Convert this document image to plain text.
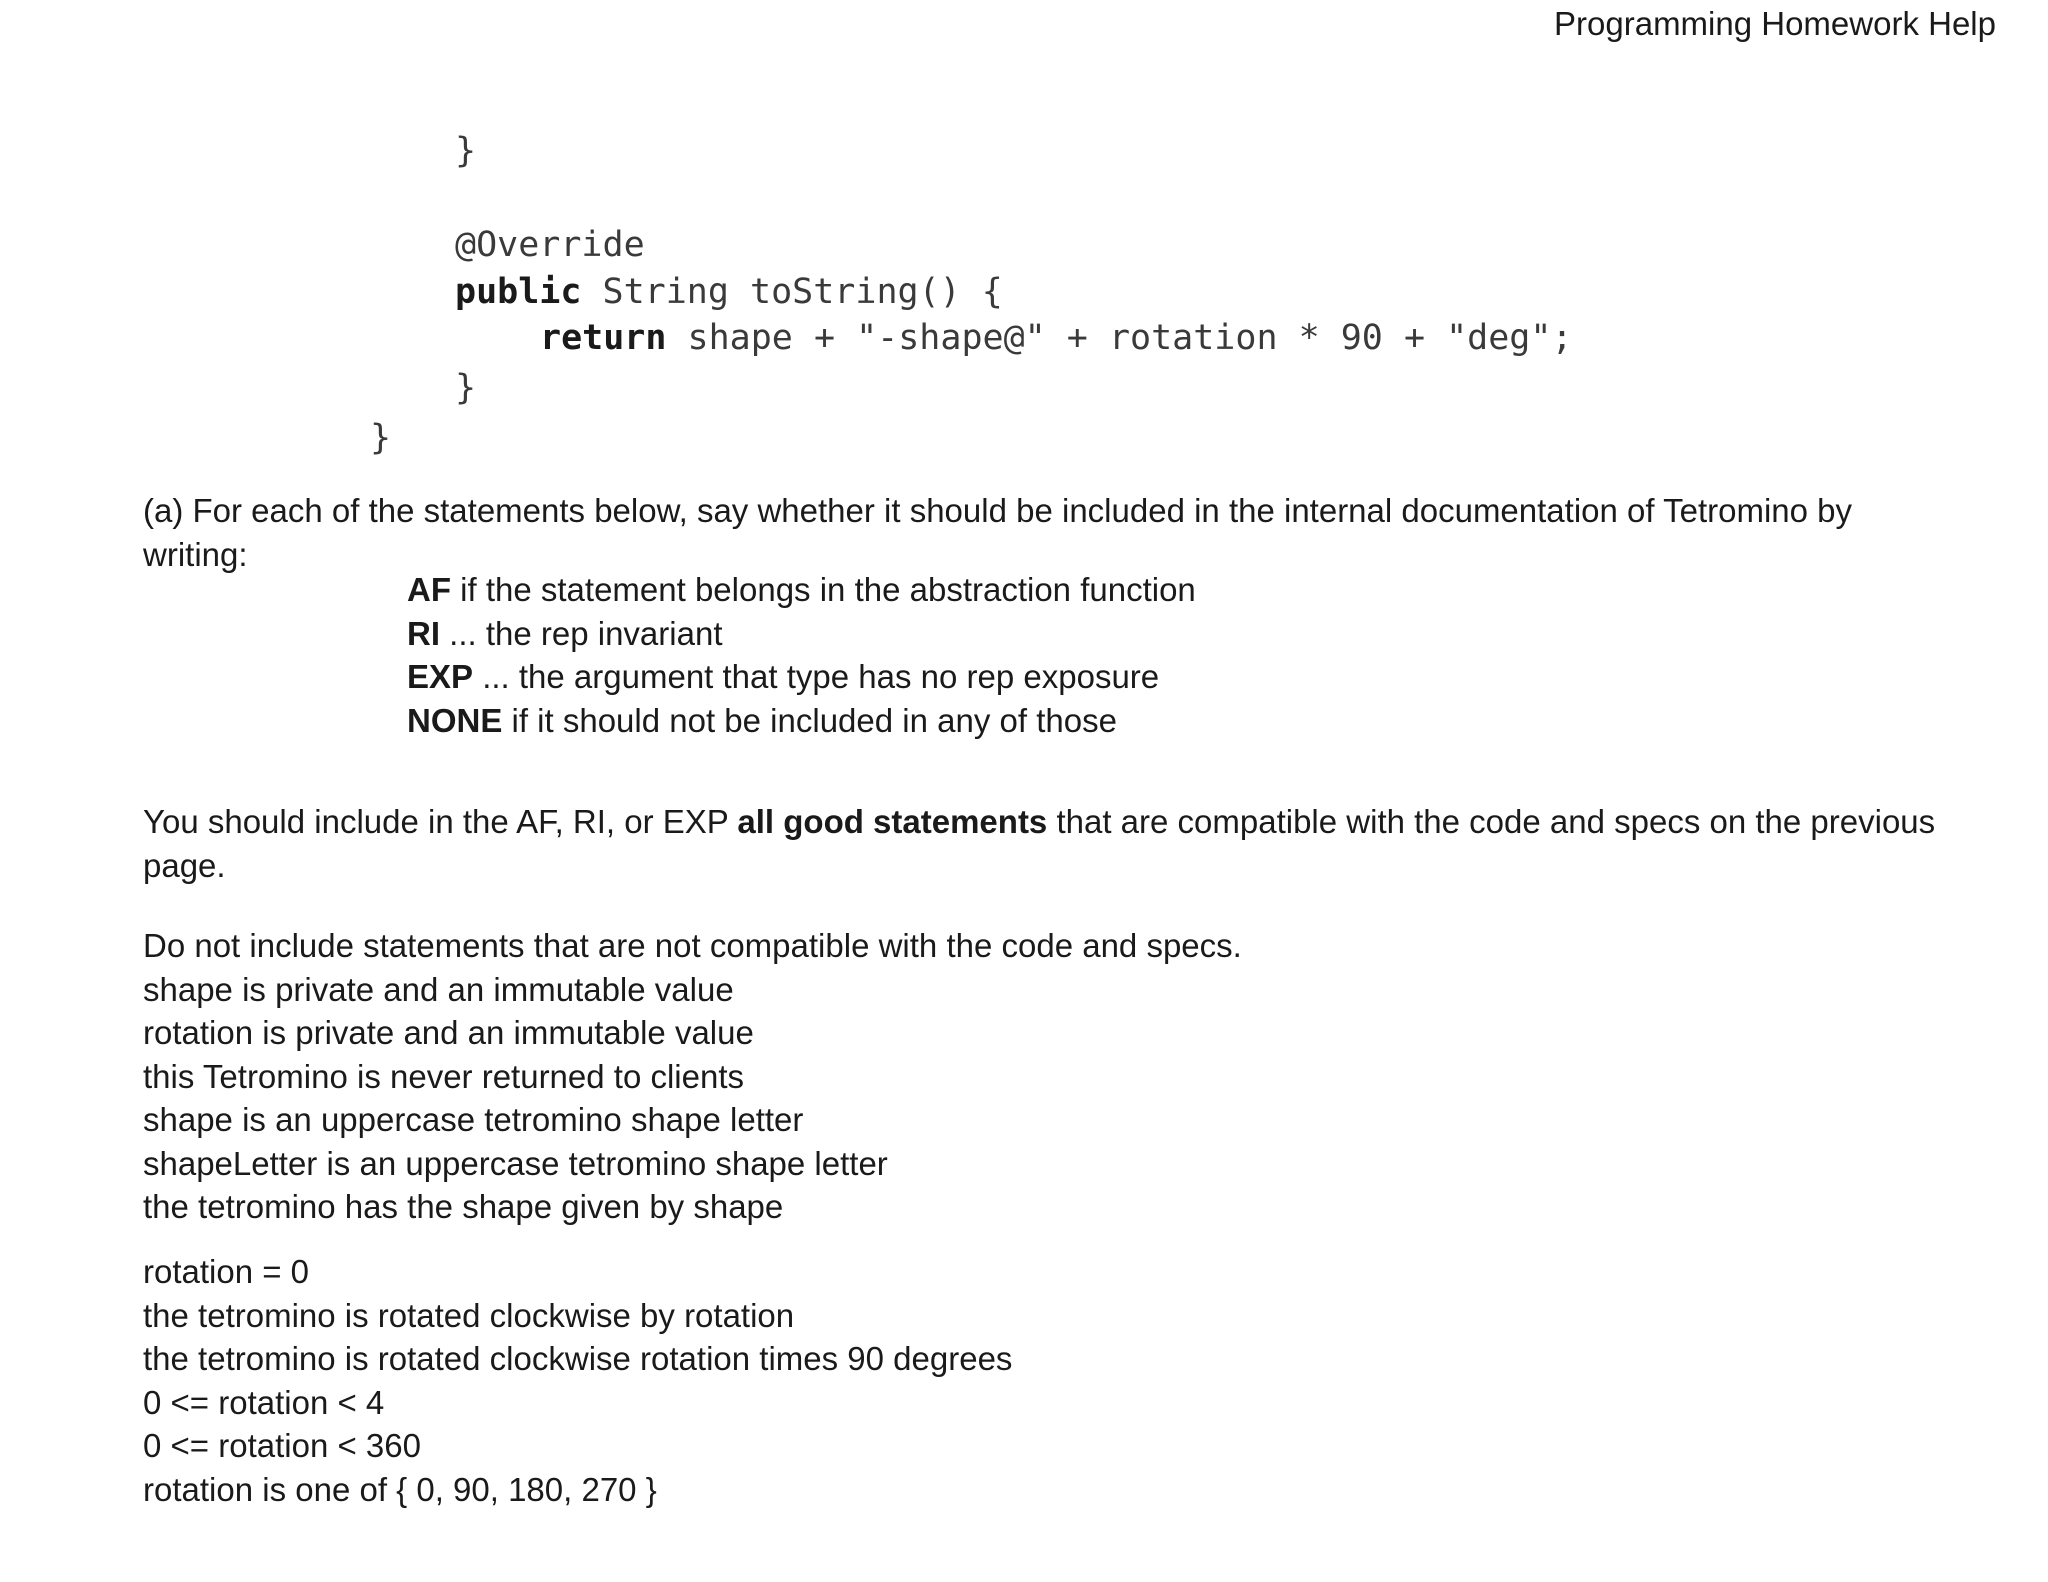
Programming Homework Help

}

@Override

public String toString() {

return shape + "-shape@" + rotation * 90 + "deg";

}

}

(a) For each of the statements below, say whether it should be included in the internal documentation of Tetromino by writing:
AF if the statement belongs in the abstraction function
RI ... the rep invariant
EXP ... the argument that type has no rep exposure
NONE if it should not be included in any of those
You should include in the AF, RI, or EXP all good statements that are compatible with the code and specs on the previous page.
Do not include statements that are not compatible with the code and specs.
shape is private and an immutable value
rotation is private and an immutable value
this Tetromino is never returned to clients
shape is an uppercase tetromino shape letter
shapeLetter is an uppercase tetromino shape letter
the tetromino has the shape given by shape
rotation = 0
the tetromino is rotated clockwise by rotation
the tetromino is rotated clockwise rotation times 90 degrees
0 <= rotation < 4
0 <= rotation < 360
rotation is one of { 0, 90, 180, 270 }
